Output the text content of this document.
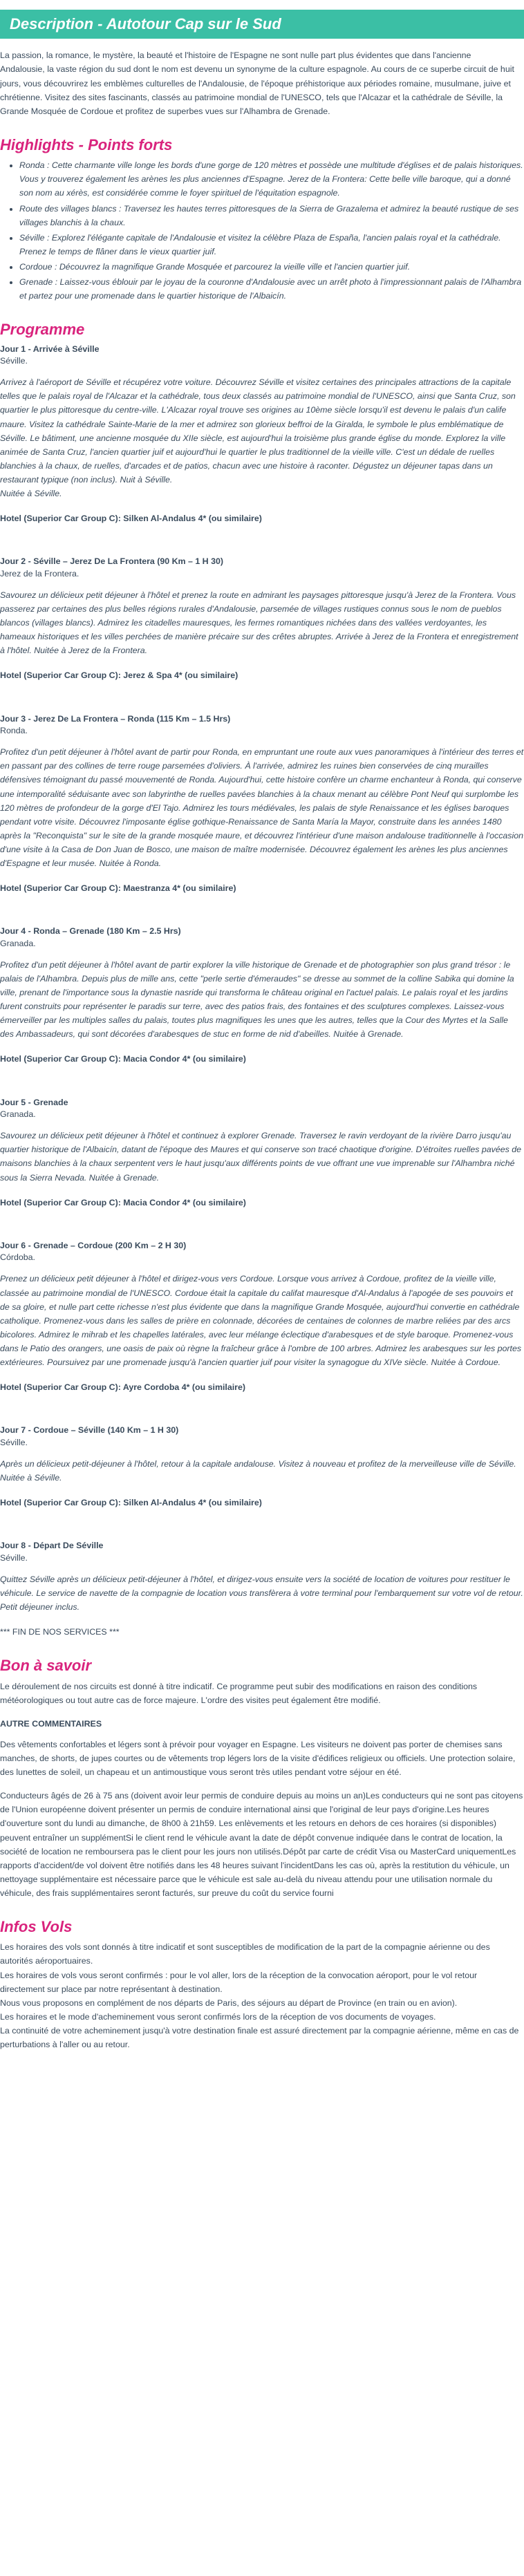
Description - Autotour Cap sur le Sud

La passion, la romance, le mystère, la beauté et l'histoire de l'Espagne ne sont nulle part plus évidentes que dans l'ancienne Andalousie, la vaste région du sud dont le nom est devenu un synonyme de la culture espagnole. Au cours de ce superbe circuit de huit jours, vous découvrirez les emblèmes culturelles de l'Andalousie, de l'époque préhistorique aux périodes romaine, musulmane, juive et chrétienne. Visitez des sites fascinants, classés au patrimoine mondial de l'UNESCO, tels que l'Alcazar et la cathédrale de Séville, la Grande Mosquée de Cordoue et profitez de superbes vues sur l'Alhambra de Grenade.

Highlights - Points forts
• Ronda : Cette charmante ville longe les bords d'une gorge de 120 mètres et possède une multitude d'églises et de palais historiques. Vous y trouverez également les arènes les plus anciennes d'Espagne. Jerez de la Frontera: Cette belle ville baroque, qui a donné son nom au xérès, est considérée comme le foyer spirituel de l'équitation espagnole.
• Route des villages blancs : Traversez les hautes terres pittoresques de la Sierra de Grazalema et admirez la beauté rustique de ses villages blanchis à la chaux.
• Séville : Explorez l'élégante capitale de l'Andalousie et visitez la célèbre Plaza de España, l'ancien palais royal et la cathédrale. Prenez le temps de flâner dans le vieux quartier juif.
• Cordoue : Découvrez la magnifique Grande Mosquée et parcourez la vieille ville et l'ancien quartier juif.
• Grenade : Laissez-vous éblouir par le joyau de la couronne d'Andalousie avec un arrêt photo à l'impressionnant palais de l'Alhambra et partez pour une promenade dans le quartier historique de l'Albaicín.
Programme
Jour 1 - Arrivée à Séville
Séville.
Arrivez à l'aéroport de Séville et récupérez votre voiture. Découvrez Séville et visitez certaines des principales attractions de la capitale telles que le palais royal de l'Alcazar et la cathédrale, tous deux classés au patrimoine mondial de l'UNESCO, ainsi que Santa Cruz, son quartier le plus pittoresque du centre-ville. L'Alcazar royal trouve ses origines au 10ème siècle lorsqu'il est devenu le palais d'un calife maure. Visitez la cathédrale Sainte-Marie de la mer et admirez son glorieux beffroi de la Giralda, le symbole le plus emblématique de Séville. Le bâtiment, une ancienne mosquée du XIIe siècle, est aujourd'hui la troisième plus grande église du monde. Explorez la ville animée de Santa Cruz, l'ancien quartier juif et aujourd'hui le quartier le plus traditionnel de la vieille ville. C'est un dédale de ruelles blanchies à la chaux, de ruelles, d'arcades et de patios, chacun avec une histoire à raconter. Dégustez un déjeuner tapas dans un restaurant typique (non inclus). Nuit à Séville.
Nuitée à Séville.
Hotel (Superior Car Group C): Silken Al-Andalus 4* (ou similaire)
Jour 2 - Séville – Jerez De La Frontera (90 Km – 1 H 30)
Jerez de la Frontera.
Savourez un délicieux petit déjeuner à l'hôtel et prenez la route en admirant les paysages pittoresque jusqu'à Jerez de la Frontera. Vous passerez par certaines des plus belles régions rurales d'Andalousie, parsemée de villages rustiques connus sous le nom de pueblos blancos (villages blancs). Admirez les citadelles mauresques, les fermes romantiques nichées dans des vallées verdoyantes, les hameaux historiques et les villes perchées de manière précaire sur des crêtes abruptes. Arrivée à Jerez de la Frontera et enregistrement à l'hôtel. Nuitée à Jerez de la Frontera.
Hotel (Superior Car Group C): Jerez & Spa 4* (ou similaire)
Jour 3 - Jerez De La Frontera – Ronda (115 Km – 1.5 Hrs)
Ronda.
Profitez d'un petit déjeuner à l'hôtel avant de partir pour Ronda, en empruntant une route aux vues panoramiques à l'intérieur des terres et en passant par des collines de terre rouge parsemées d'oliviers. À l'arrivée, admirez les ruines bien conservées de cinq murailles défensives témoignant du passé mouvementé de Ronda. Aujourd'hui, cette histoire confère un charme enchanteur à Ronda, qui conserve une intemporalité séduisante avec son labyrinthe de ruelles pavées blanchies à la chaux menant au célèbre Pont Neuf qui surplombe les 120 mètres de profondeur de la gorge d'El Tajo. Admirez les tours médiévales, les palais de style Renaissance et les églises baroques pendant votre visite. Découvrez l'imposante église gothique-Renaissance de Santa María la Mayor, construite dans les années 1480 après la "Reconquista" sur le site de la grande mosquée maure, et découvrez l'intérieur d'une maison andalouse traditionnelle à l'occasion d'une visite à la Casa de Don Juan de Bosco, une maison de maître modernisée. Découvrez également les arènes les plus anciennes d'Espagne et leur musée. Nuitée à Ronda.
Hotel (Superior Car Group C): Maestranza 4* (ou similaire)
Jour 4 - Ronda – Grenade (180 Km – 2.5 Hrs)
Granada.
Profitez d'un petit déjeuner à l'hôtel avant de partir explorer la ville historique de Grenade et de photographier son plus grand trésor : le palais de l'Alhambra. Depuis plus de mille ans, cette "perle sertie d'émeraudes" se dresse au sommet de la colline Sabika qui domine la ville, prenant de l'importance sous la dynastie nasride qui transforma le château original en l'actuel palais. Le palais royal et les jardins furent construits pour représenter le paradis sur terre, avec des patios frais, des fontaines et des sculptures complexes. Laissez-vous émerveiller par les multiples salles du palais, toutes plus magnifiques les unes que les autres, telles que la Cour des Myrtes et la Salle des Ambassadeurs, qui sont décorées d'arabesques de stuc en forme de nid d'abeilles. Nuitée à Grenade.
Hotel (Superior Car Group C): Macia Condor 4* (ou similaire)
Jour 5 - Grenade
Granada.
Savourez un délicieux petit déjeuner à l'hôtel et continuez à explorer Grenade. Traversez le ravin verdoyant de la rivière Darro jusqu'au quartier historique de l'Albaicín, datant de l'époque des Maures et qui conserve son tracé chaotique d'origine. D'étroites ruelles pavées de maisons blanchies à la chaux serpentent vers le haut jusqu'aux différents points de vue offrant une vue imprenable sur l'Alhambra niché sous la Sierra Nevada. Nuitée à Grenade.
Hotel (Superior Car Group C): Macia Condor 4* (ou similaire)
Jour 6 - Grenade – Cordoue (200 Km – 2 H 30)
Córdoba.
Prenez un délicieux petit déjeuner à l'hôtel et dirigez-vous vers Cordoue. Lorsque vous arrivez à Cordoue, profitez de la vieille ville, classée au patrimoine mondial de l'UNESCO. Cordoue était la capitale du califat mauresque d'Al-Andalus à l'apogée de ses pouvoirs et de sa gloire, et nulle part cette richesse n'est plus évidente que dans la magnifique Grande Mosquée, aujourd'hui convertie en cathédrale catholique. Promenez-vous dans les salles de prière en colonnade, décorées de centaines de colonnes de marbre reliées par des arcs bicolores. Admirez le mihrab et les chapelles latérales, avec leur mélange éclectique d'arabesques et de style baroque. Promenez-vous dans le Patio des orangers, une oasis de paix où règne la fraîcheur grâce à l'ombre de 100 arbres. Admirez les arabesques sur les portes extérieures. Poursuivez par une promenade jusqu'à l'ancien quartier juif pour visiter la synagogue du XIVe siècle. Nuitée à Cordoue.
Hotel (Superior Car Group C): Ayre Cordoba 4* (ou similaire)
Jour 7 - Cordoue – Séville (140 Km – 1 H 30)
Séville.
Après un délicieux petit-déjeuner à l'hôtel, retour à la capitale andalouse. Visitez à nouveau et profitez de la merveilleuse ville de Séville. Nuitée à Séville.
Hotel (Superior Car Group C): Silken Al-Andalus 4* (ou similaire)
Jour 8 - Départ De Séville
Séville.
Quittez Séville après un délicieux petit-déjeuner à l'hôtel, et dirigez-vous ensuite vers la société de location de voitures pour restituer le véhicule. Le service de navette de la compagnie de location vous transfèrera à votre terminal pour l'embarquement sur votre vol de retour. Petit déjeuner inclus.
*** FIN DE NOS SERVICES ***
Bon à savoir

Le déroulement de nos circuits est donné à titre indicatif. Ce programme peut subir des modifications en raison des conditions météorologiques ou tout autre cas de force majeure. L'ordre des visites peut également être modifié.

AUTRE COMMENTAIRES

Des vêtements confortables et légers sont à prévoir pour voyager en Espagne. Les visiteurs ne doivent pas porter de chemises sans manches, de shorts, de jupes courtes ou de vêtements trop légers lors de la visite d'édifices religieux ou officiels. Une protection solaire, des lunettes de soleil, un chapeau et un antimoustique vous seront très utiles pendant votre séjour en été.

Conducteurs âgés de 26 à 75 ans (doivent avoir leur permis de conduire depuis au moins un an)Les conducteurs qui ne sont pas citoyens de l'Union européenne doivent présenter un permis de conduire international ainsi que l'original de leur pays d'origine.Les heures d'ouverture sont du lundi au dimanche, de 8h00 à 21h59. Les enlèvements et les retours en dehors de ces horaires (si disponibles) peuvent entraîner un supplémentSi le client rend le véhicule avant la date de dépôt convenue indiquée dans le contrat de location, la société de location ne remboursera pas le client pour les jours non utilisés.Dépôt par carte de crédit Visa ou MasterCard uniquementLes rapports d'accident/de vol doivent être notifiés dans les 48 heures suivant l'incidentDans les cas où, après la restitution du véhicule, un nettoyage supplémentaire est nécessaire parce que le véhicule est sale au-delà du niveau attendu pour une utilisation normale du véhicule, des frais supplémentaires seront facturés, sur preuve du coût du service fourni

Infos Vols

Les horaires des vols sont donnés à titre indicatif et sont susceptibles de modification de la part de la compagnie aérienne ou des autorités aéroportuaires.

Les horaires de vols vous seront confirmés : pour le vol aller, lors de la réception de la convocation aéroport, pour le vol retour directement sur place par notre représentant à destination.

Nous vous proposons en complément de nos départs de Paris, des séjours au départ de Province (en train ou en avion).

Les horaires et le mode d'acheminement vous seront confirmés lors de la réception de vos documents de voyages.

La continuité de votre acheminement jusqu'à votre destination finale est assuré directement par la compagnie aérienne, même en cas de perturbations à l'aller ou au retour.
